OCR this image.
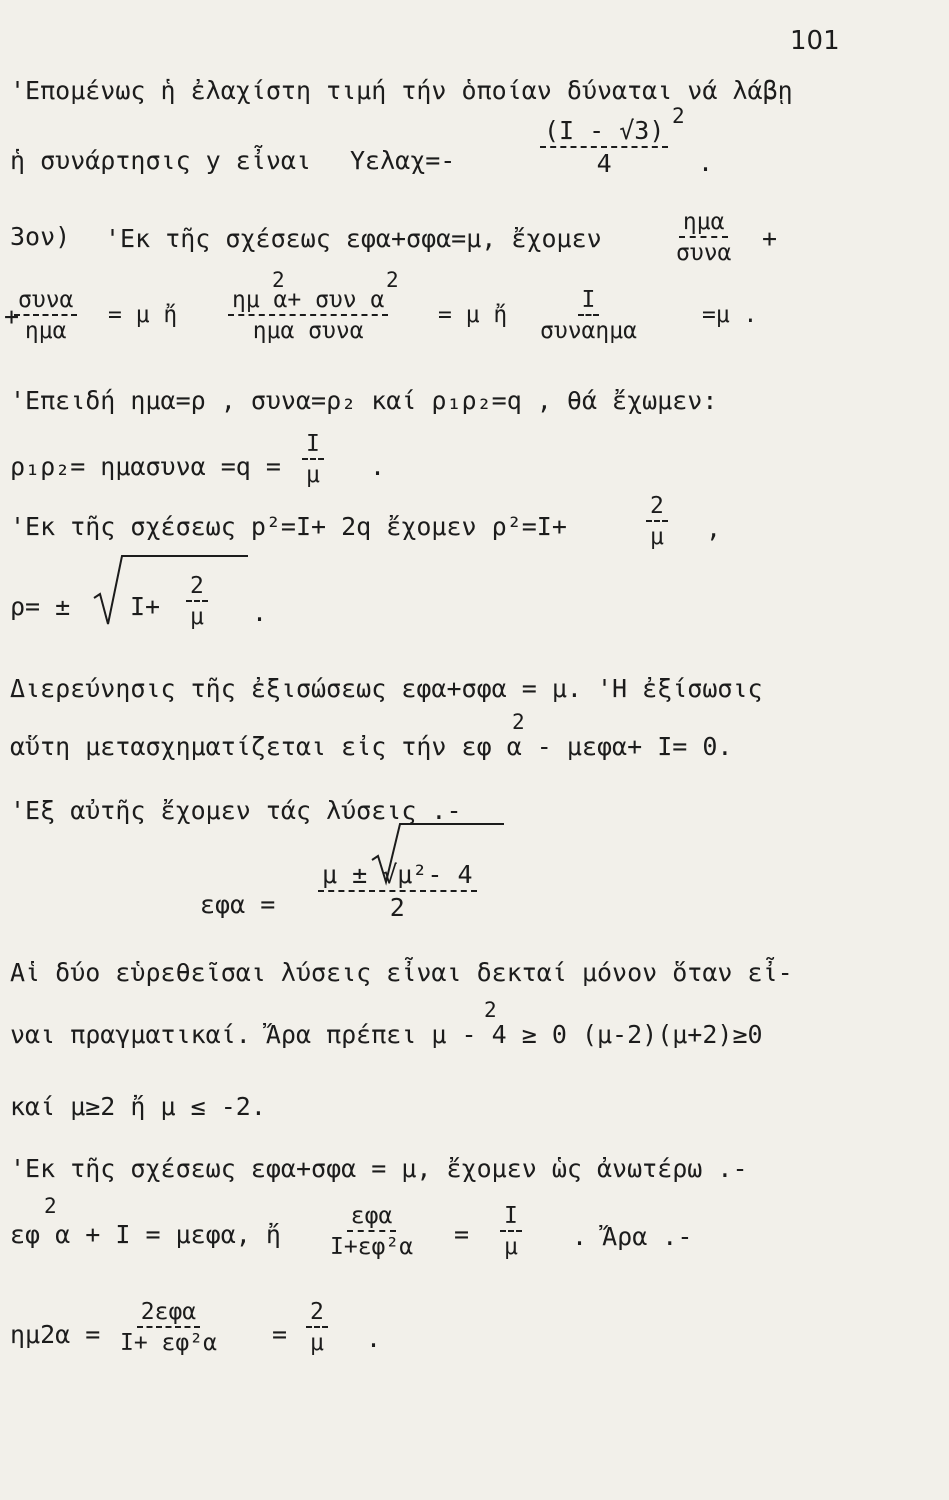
101
'Επομένως ἡ ἐλαχίστη τιμή τήν ὁποίαν δύναται νά λάβῃ
ἡ συνάρτησις y εἶναι Υελαχ=-	$\frac{(I - √3)}{4}$
2
.
3ον) 'Εκ τῆς σχέσεως εφα+σφα=μ, ἔχομεν
ημα
συνα
+
+
συνα
ημα
= μ ἤ
2	2
ημ α+ συν α
ημα συνα
= μ ἤ
Ι
συναημα
=μ .
'Επειδή ημα=ρ , συνα=ρ₂ καί ρ₁ρ₂=q , θά ἔχωμεν:
$\rho_1\rho_2= \eta\mu\alpha\sigma\upsilon\nu\alpha =q = \frac{I}{\mu}$ .
'Εκ τῆς σχέσεως p²=Ι+ 2q ἔχομεν ρ²=Ι+	$\frac{2}{\mu}$ ,
$\rho= \pm I+ \frac{2}{\mu}$ .
Διερεύνησις τῆς ἐξισώσεως εφα+σφα = μ. 'Η ἐξίσωσις
αὕτη μετασχηματίζεται εἰς τήν εφ α - μεφα+ Ι= 0.
2
'Εξ αὐτῆς ἔχομεν τάς λύσεις .-
$\varepsilon\varphi\alpha = \frac{\text{μ ± √μ²- 4}}{2}$
Αἱ δύο εὑρεθεῖσαι λύσεις εἶναι δεκταί μόνον ὅταν εἶ-
ναι πραγματικαί. Ἄρα πρέπει μ - 4 ≥ 0 (μ-2)(μ+2)≥0
2
καί μ≥2 ἤ μ ≤ -2.
'Εκ τῆς σχέσεως εφα+σφα = μ, ἔχομεν ὡς ἀνωτέρω .-
εφ α + Ι = μεφα, ἤ
2	εφα
$I+\varepsilon\varphi^2\alpha = \frac{I}{\mu}$ . Ἄρα .-
ημ2α =
2εφα
$I+ \varepsilon\varphi^2\alpha = \frac{2}{\mu}$ .
